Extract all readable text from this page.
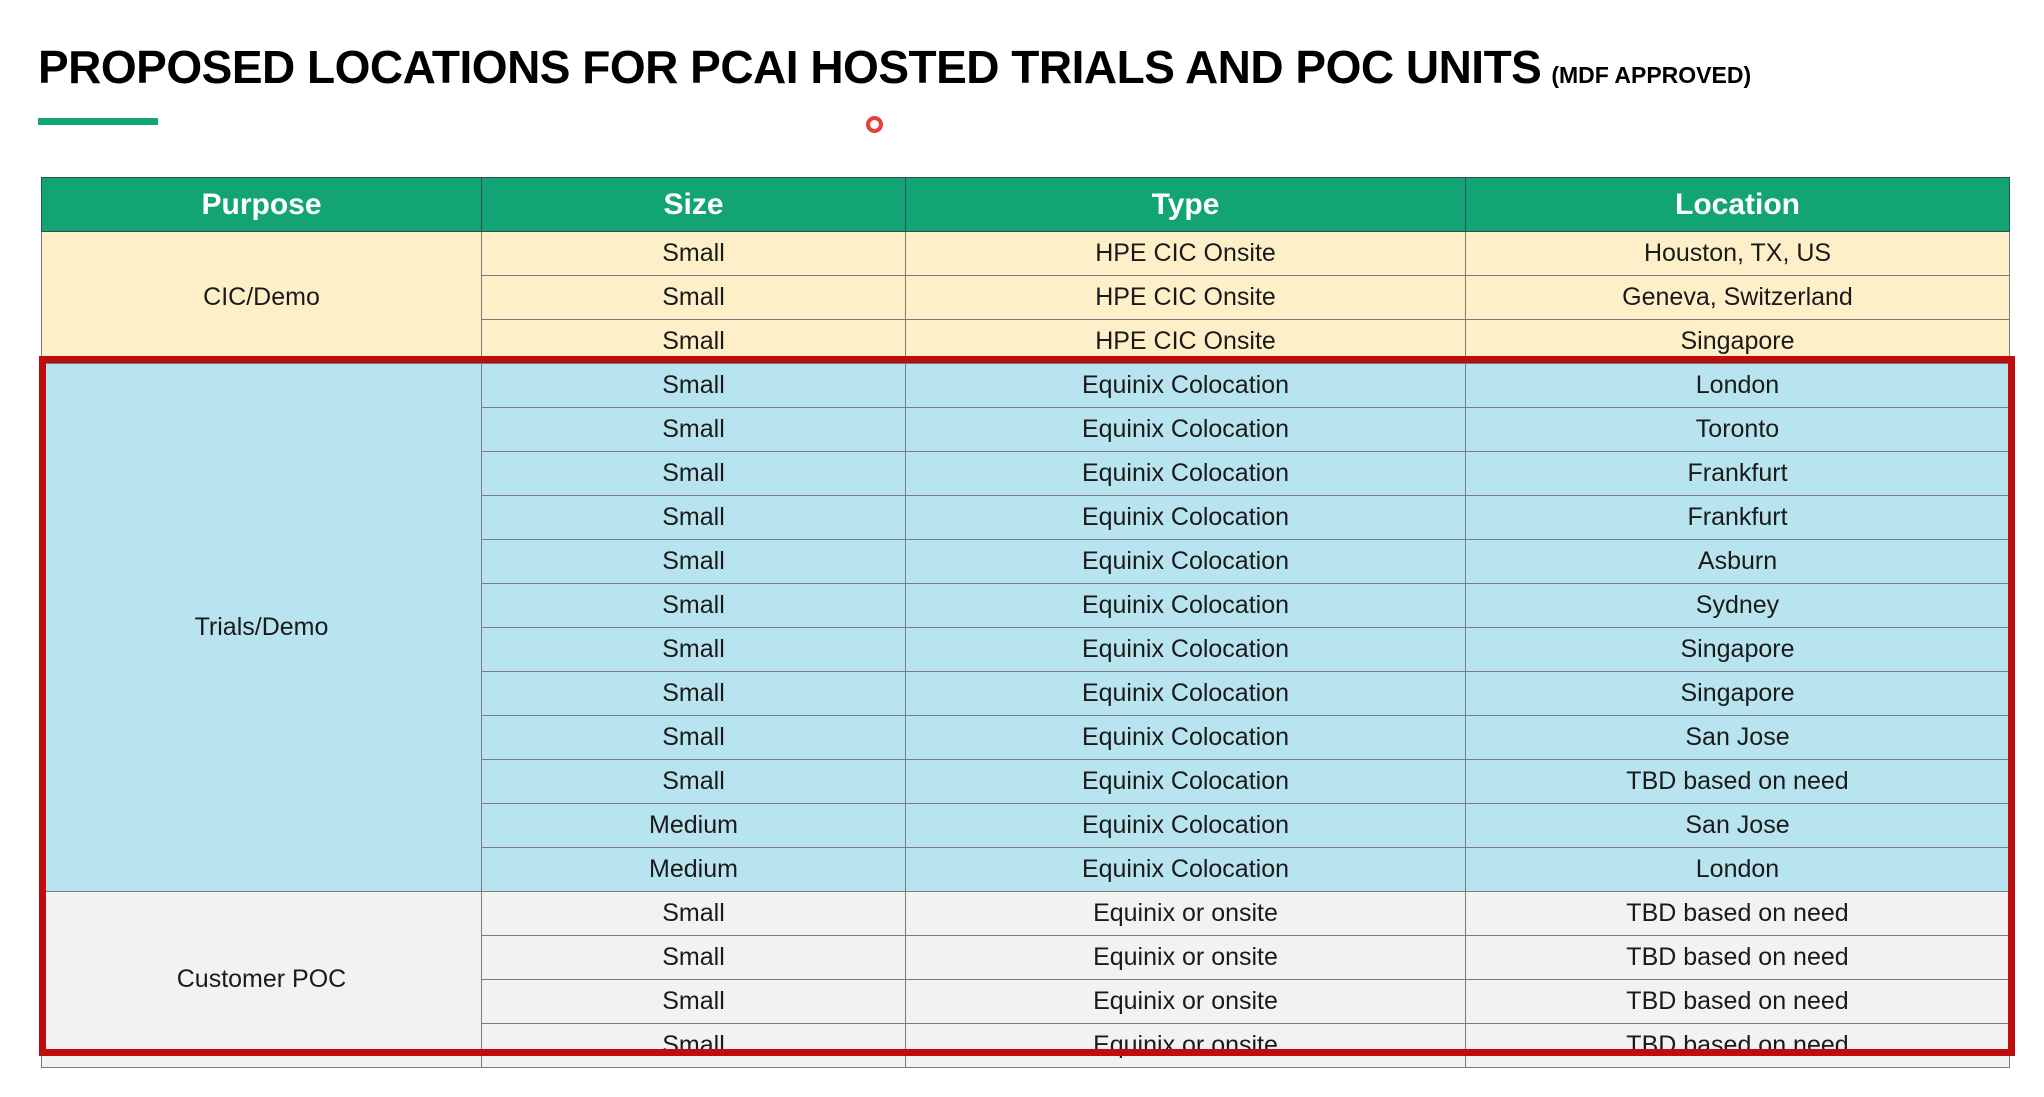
PROPOSED LOCATIONS FOR PCAI HOSTED TRIALS AND POC UNITS (MDF APPROVED)
Purpose	Size	Type	Location
CIC/Demo	Small	HPE CIC Onsite	Houston, TX, US
	Small	HPE CIC Onsite	Geneva, Switzerland
	Small	HPE CIC Onsite	Singapore
Trials/Demo	Small	Equinix Colocation	London
	Small	Equinix Colocation	Toronto
	Small	Equinix Colocation	Frankfurt
	Small	Equinix Colocation	Frankfurt
	Small	Equinix Colocation	Asburn
	Small	Equinix Colocation	Sydney
	Small	Equinix Colocation	Singapore
	Small	Equinix Colocation	Singapore
	Small	Equinix Colocation	San Jose
	Small	Equinix Colocation	TBD based on need
	Medium	Equinix Colocation	San Jose
	Medium	Equinix Colocation	London
Customer POC	Small	Equinix or onsite	TBD based on need
	Small	Equinix or onsite	TBD based on need
	Small	Equinix or onsite	TBD based on need
	Small	Equinix or onsite	TBD based on need
